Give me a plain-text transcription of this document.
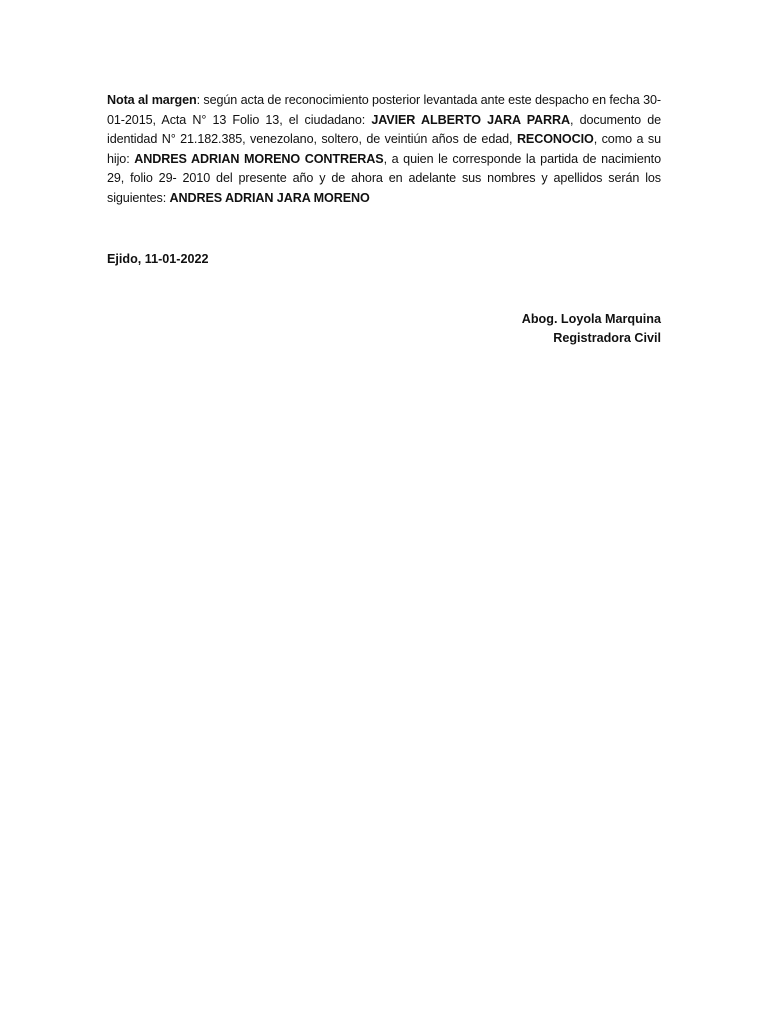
Nota al margen: según acta de reconocimiento posterior levantada ante este despacho en fecha 30-01-2015, Acta N° 13 Folio 13, el ciudadano: JAVIER ALBERTO JARA PARRA, documento de identidad N° 21.182.385, venezolano, soltero, de veintiún años de edad, RECONOCIO, como a su hijo: ANDRES ADRIAN MORENO CONTRERAS, a quien le corresponde la partida de nacimiento 29, folio 29- 2010 del presente año y de ahora en adelante sus nombres y apellidos serán los siguientes: ANDRES ADRIAN JARA MORENO

Ejido, 11-01-2022

Abog. Loyola Marquina
Registradora Civil
